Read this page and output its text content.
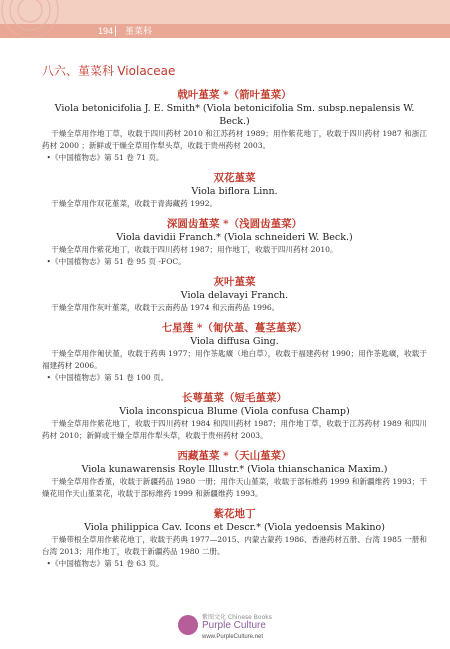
194 堇菜科
八六、堇菜科 Violaceae
戟叶堇菜 *（箭叶堇菜）
Viola betonicifolia J. E. Smith* (Viola betonicifolia Sm. subsp.nepalensis W. Beck.)
干燥全草用作地丁草，收载于四川药材 2010 和江苏药材 1989；用作紫花地丁，收载于四川药材 1987 和浙江药材 2000 ；新鲜或干燥全草用作犁头草，收载于贵州药材 2003。
•《中国植物志》第 51 卷 71 页。
双花堇菜
Viola biflora Linn.
干燥全草用作双花堇菜，收载于青海藏药 1992。
深圆齿堇菜 *（浅圆齿堇菜）
Viola davidii Franch.* (Viola schneideri W. Beck.)
干燥全草用作紫花地丁，收载于四川药材 1987；用作地丁，收载于四川药材 2010。
•《中国植物志》第 51 卷 95 页 -FOC。
灰叶堇菜
Viola delavayi Franch.
干燥全草用作灰叶堇菜，收载于云南药品 1974 和云南药品 1996。
七星莲 *（匍伏堇、蔓茎堇菜）
Viola diffusa Ging.
干燥全草用作匍伏堇，收载于药典 1977；用作茶匙癀（地白草），收载于福建药材 1990；用作茶匙癀，收载于福建药材 2006。
•《中国植物志》第 51 卷 100 页。
长萼堇菜（短毛堇菜）
Viola inconspicua Blume (Viola confusa Champ)
干燥全草用作紫花地丁，收载于四川药材 1984 和四川药材 1987；用作地丁草，收载于江苏药材 1989 和四川药材 2010；新鲜或干燥全草用作犁头草，收载于贵州药材 2003。
西藏堇菜 *（天山堇菜）
Viola kunawarensis Royle Illustr.* (Viola thianschanica Maxim.)
干燥全草用作香堇，收载于新疆药品 1980 一册；用作天山堇菜，收载于部标维药 1999 和新疆维药 1993；干燥花用作天山堇菜花，收载于部标维药 1999 和新疆维药 1993。
紫花地丁
Viola philippica Cav. Icons et Descr.* (Viola yedoensis Makino)
干燥带根全草用作紫花地丁，收载于药典 1977—2015、内蒙古蒙药 1986、香港药材五册、台湾 1985 一册和台湾 2013；用作地丁，收载于新疆药品 1980 二册。
•《中国植物志》第 51 卷 63 页。
紫图文化 Chinese Books
Purple Culture
www.PurpleCulture.net
